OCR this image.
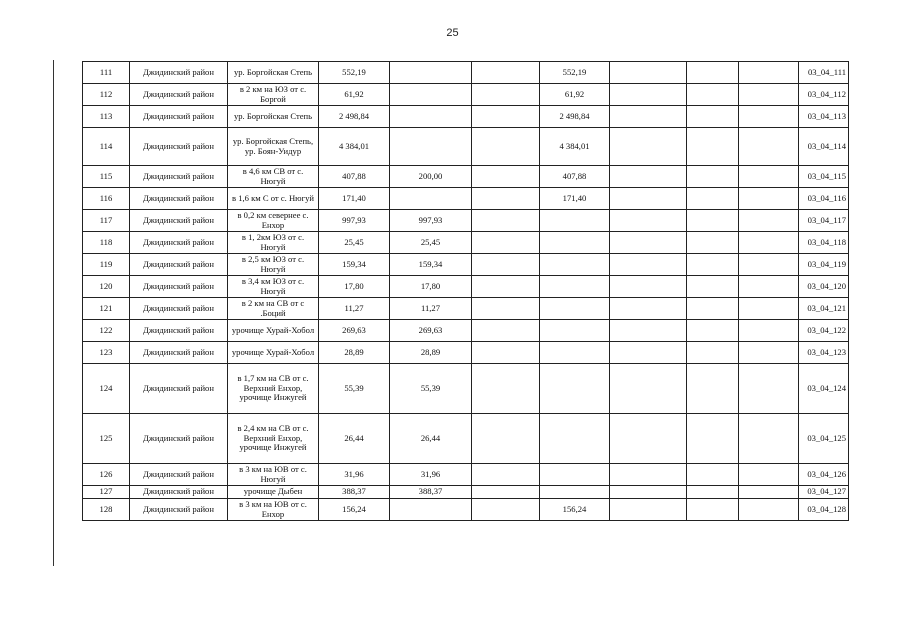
25
111	Джидинский район	ур. Боргойская Степь	552,19			552,19				03_04_111
112	Джидинский район	в 2 км на ЮЗ от с. Боргой	61,92			61,92				03_04_112
113	Джидинский район	ур. Боргойская Степь	2 498,84			2 498,84				03_04_113
114	Джидинский район	ур. Боргойская Степь, ур. Боян-Уидур	4 384,01			4 384,01				03_04_114
115	Джидинский район	в 4,6 км СВ от с. Нюгуй	407,88	200,00		407,88				03_04_115
116	Джидинский район	в 1,6 км С от с. Нюгуй	171,40			171,40				03_04_116
117	Джидинский район	в 0,2 км севернее с. Енхор	997,93	997,93						03_04_117
118	Джидинский район	в 1, 2км ЮЗ от с. Нюгуй	25,45	25,45						03_04_118
119	Джидинский район	в 2,5 км ЮЗ от с. Нюгуй	159,34	159,34						03_04_119
120	Джидинский район	в 3,4 км ЮЗ от с. Нюгуй	17,80	17,80						03_04_120
121	Джидинский район	в 2 км на СВ от с .Боций	11,27	11,27						03_04_121
122	Джидинский район	урочище Хурай-Хобол	269,63	269,63						03_04_122
123	Джидинский район	урочище Хурай-Хобол	28,89	28,89						03_04_123
124	Джидинский район	в 1,7 км на СВ от с. Верхний Енхор, урочище Инжугей	55,39	55,39						03_04_124
125	Джидинский район	в 2,4 км на СВ от с. Верхний Енхор, урочище Инжугей	26,44	26,44						03_04_125
126	Джидинский район	в 3 км на ЮВ от с. Нюгуй	31,96	31,96						03_04_126
127	Джидинский район	урочище Дыбен	388,37	388,37						03_04_127
128	Джидинский район	в 3 км на ЮВ от с. Енхор	156,24			156,24				03_04_128
